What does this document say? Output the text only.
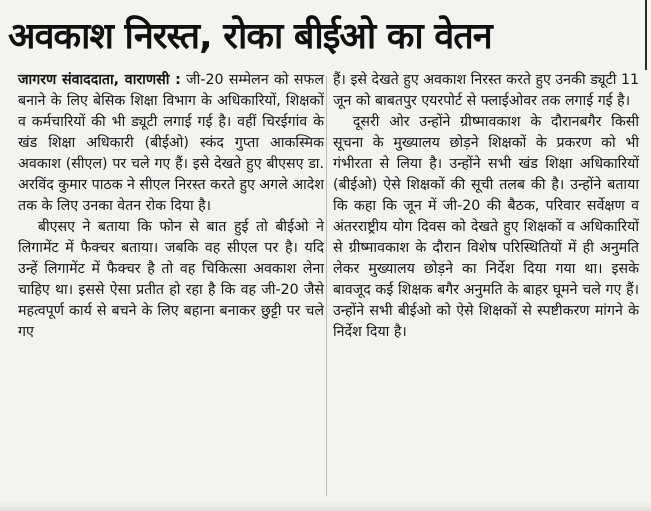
अवकाश निरस्त, रोका बीईओ का वेतन

जागरण संवाददाता, वाराणसी : जी-20 सम्मेलन को सफल बनाने के लिए बेसिक शिक्षा विभाग के अधिकारियों, शिक्षकों व कर्मचारियों की भी ड्यूटी लगाई गई है। वहीं चिरईगांव के खंड शिक्षा अधिकारी (बीईओ) स्कंद गुप्ता आकस्मिक अवकाश (सीएल) पर चले गए हैं। इसे देखते हुए बीएसए डा. अरविंद कुमार पाठक ने सीएल निरस्त करते हुए अगले आदेश तक के लिए उनका वेतन रोक दिया है।

बीएसए ने बताया कि फोन से बात हुई तो बीईओ ने लिगामेंट में फैक्चर बताया। जबकि वह सीएल पर है। यदि उन्हें लिगामेंट में फैक्चर है तो वह चिकित्सा अवकाश लेना चाहिए था। इससे ऐसा प्रतीत हो रहा है कि वह जी-20 जैसे महत्वपूर्ण कार्य से बचने के लिए बहाना बनाकर छुट्टी पर चले गए

हैं। इसे देखते हुए अवकाश निरस्त करते हुए उनकी ड्यूटी 11 जून को बाबतपुर एयरपोर्ट से फ्लाईओवर तक लगाई गई है।

दूसरी ओर उन्होंने ग्रीष्मावकाश के दौरानबगैर किसी सूचना के मुख्यालय छोड़ने शिक्षकों के प्रकरण को भी गंभीरता से लिया है। उन्होंने सभी खंड शिक्षा अधिकारियों (बीईओ) ऐसे शिक्षकों की सूची तलब की है। उन्होंने बताया कि कहा कि जून में जी-20 की बैठक, परिवार सर्वेक्षण व अंतरराष्ट्रीय योग दिवस को देखते हुए शिक्षकों व अधिकारियों से ग्रीष्मावकाश के दौरान विशेष परिस्थितियों में ही अनुमति लेकर मुख्यालय छोड़ने का निर्देश दिया गया था। इसके बावजूद कई शिक्षक बगैर अनुमति के बाहर घूमने चले गए हैं। उन्होंने सभी बीईओ को ऐसे शिक्षकों से स्पष्टीकरण मांगने के निर्देश दिया है।
